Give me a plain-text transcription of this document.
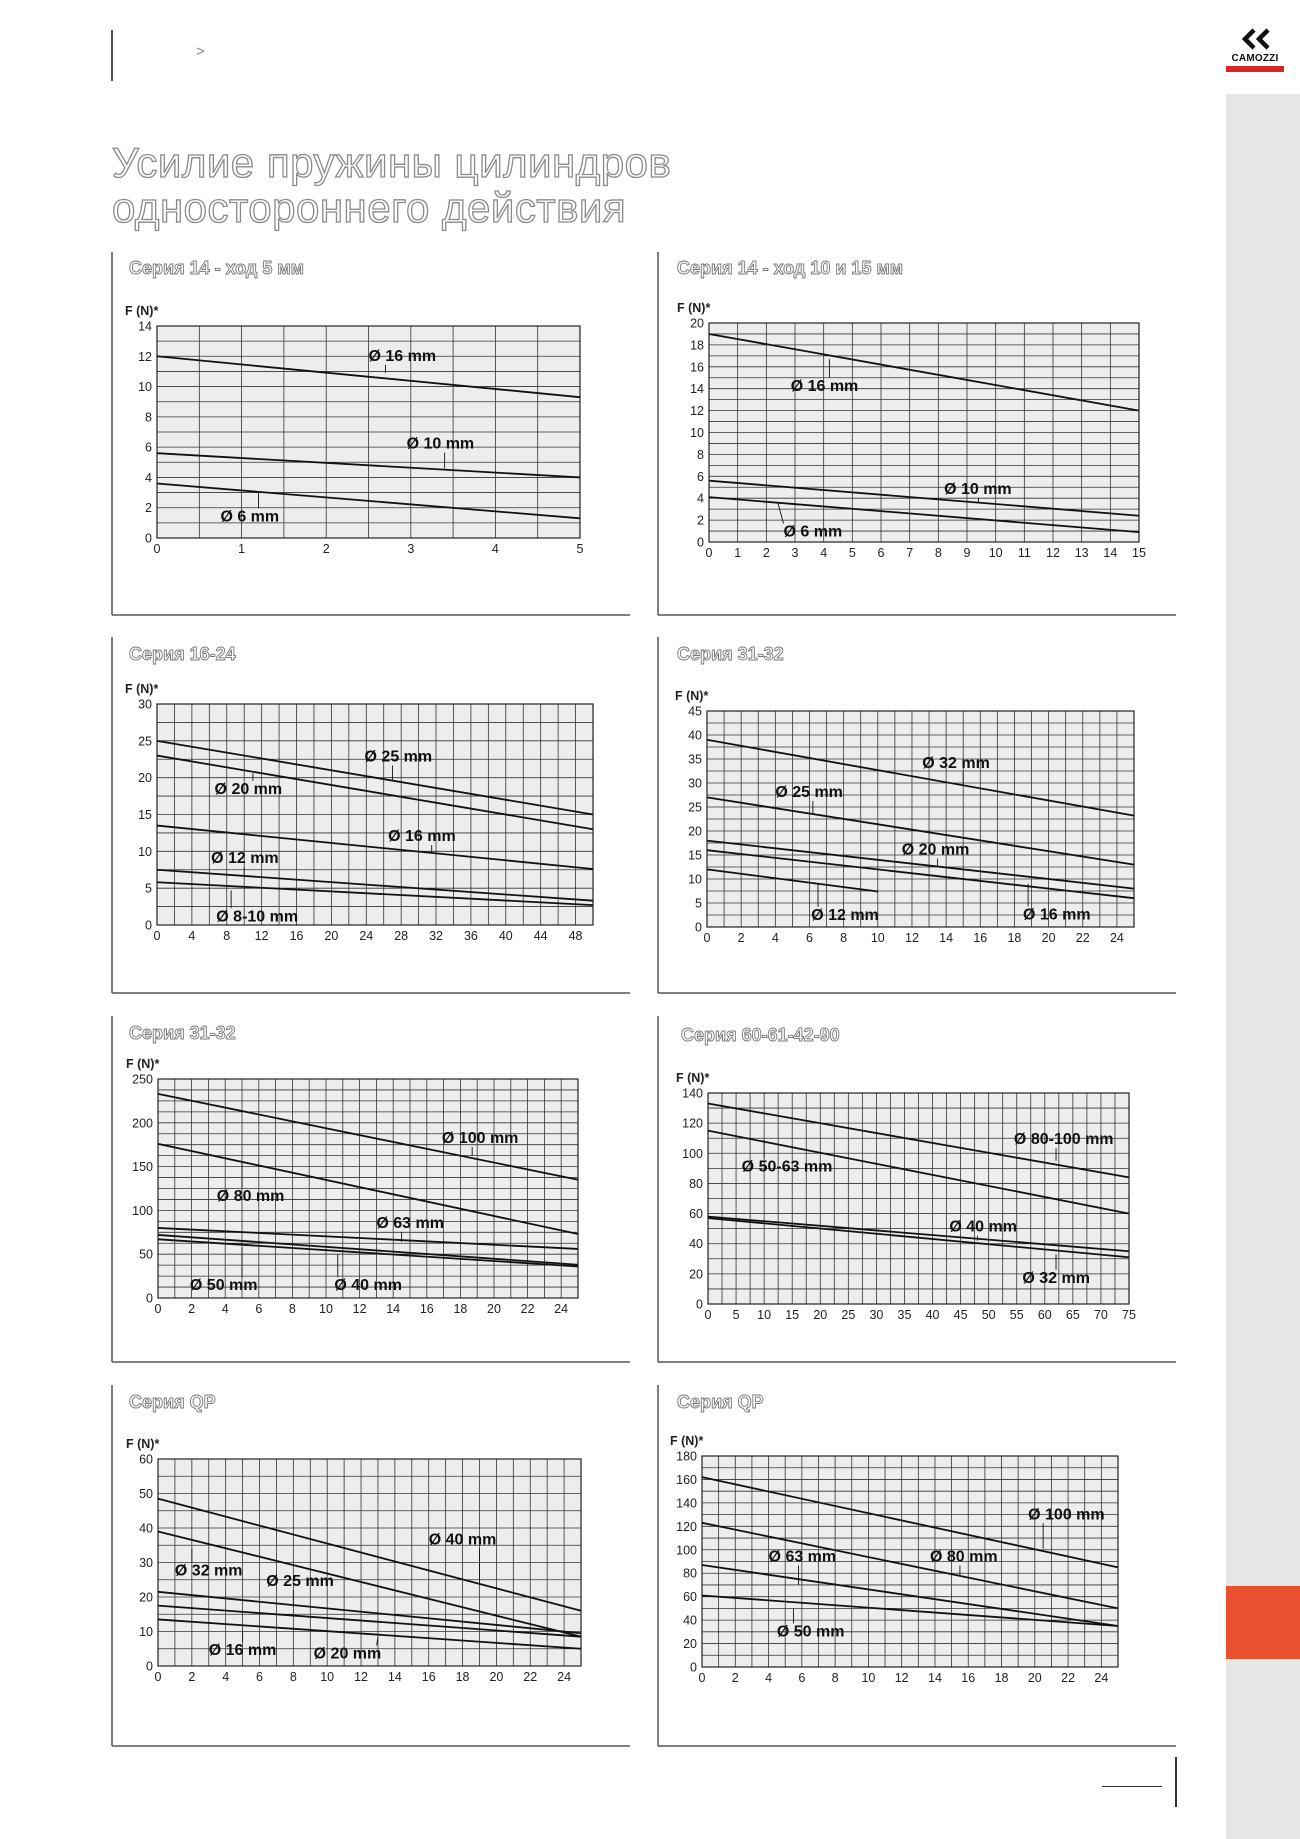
CAMOZZI
>
Усилие пружины цилиндров
одностороннего действия
Серия 14 - ход 5 мм
0	1	2	3	4	5
0
2
4
6
8
10
12
14
F (N)*
Ø 16 mm
Ø 10 mm
Ø 6 mm
Серия 14 - ход 10 и 15 мм
0 1 2 3 4 5 6 7 8 9 10 11 12 13 14 15
0
2
4
6
8
10
12
14
16
18
20
F (N)*
Ø 16 mm
Ø 10 mm
Ø 6 mm
Серия 16-24
0 4 8 12 16 20 24 28 32 36 40 44 48
0
5
10
15
20
25
30
F (N)*
Ø 25 mm
Ø 20 mm
Ø 16 mm
Ø 12 mm
Ø 8-10 mm
Серия 31-32
0 2 4 6 8 10 12 14 16 18 20 22 24
0
5
10
15
20
25
30
35
40
45
F (N)*
Ø 32 mm
Ø 25 mm
Ø 20 mm
Ø 16 mm
Ø 12 mm
Серия 31-32
0 2 4 6 8 10 12 14 16 18 20 22 24
0
50
100
150
200
250
F (N)*
Ø 100 mm
Ø 80 mm
Ø 63 mm
Ø 50 mm	Ø 40 mm
Серия 60-61-42-90
0 5 10 15 20 25 30 35 40 45 50 55 60 65 70 75
0
20
40
60
80
100
120
140
F (N)*
Ø 80-100 mm
Ø 50-63 mm
Ø 40 mm
Ø 32 mm
Серия QP
0 2 4 6 8 10 12 14 16 18 20 22 24
0
10
20
30
40
50
60
F (N)*
Ø 40 mm
Ø 32 mm
Ø 25 mm
Ø 20 mm
Ø 16 mm
Серия QP
0 2 4 6 8 10 12 14 16 18 20 22 24
0
20
40
60
80
100
120
140
160
180
F (N)*
Ø 100 mm
Ø 80 mm
Ø 63 mm
Ø 50 mm
